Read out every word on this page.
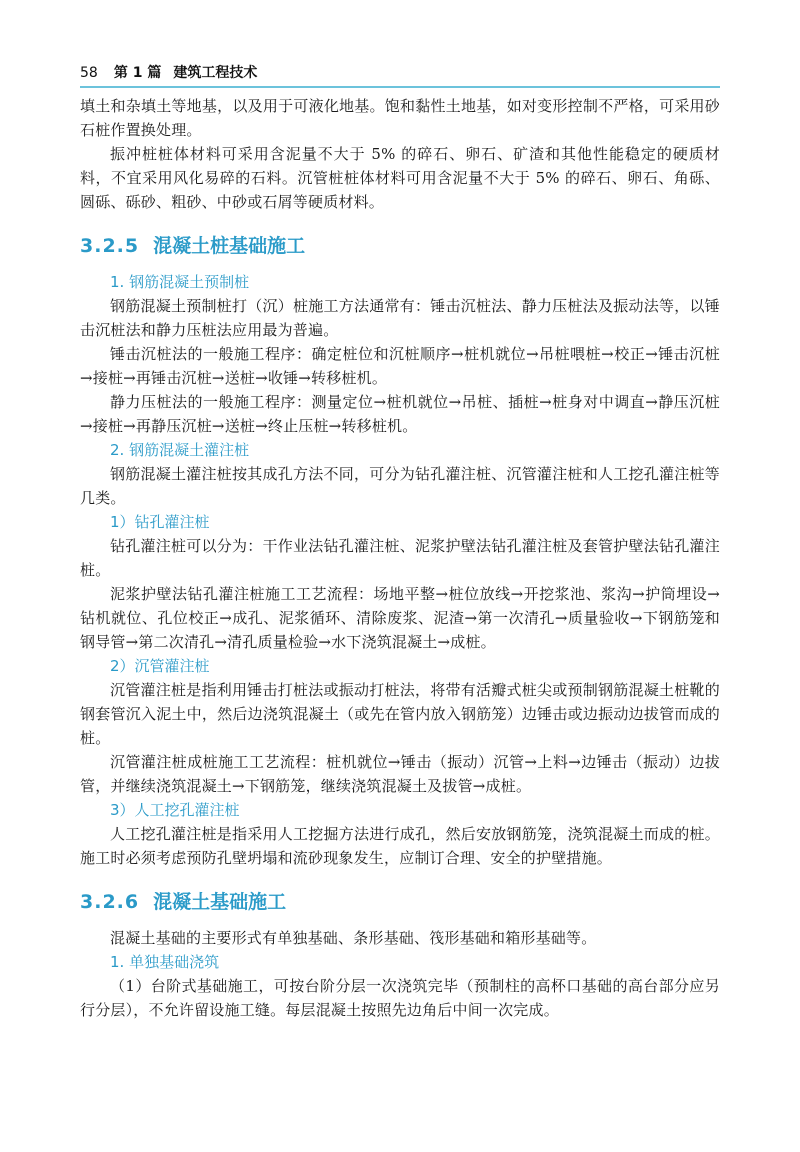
58 第 1 篇 建筑工程技术

填土和杂填土等地基，以及用于可液化地基。饱和黏性土地基，如对变形控制不严格，可采用砂石桩作置换处理。

振冲桩桩体材料可采用含泥量不大于 5% 的碎石、卵石、矿渣和其他性能稳定的硬质材料，不宜采用风化易碎的石料。沉管桩桩体材料可用含泥量不大于 5% 的碎石、卵石、角砾、圆砾、砾砂、粗砂、中砂或石屑等硬质材料。

3.2.5 混凝土桩基础施工

1. 钢筋混凝土预制桩

钢筋混凝土预制桩打（沉）桩施工方法通常有：锤击沉桩法、静力压桩法及振动法等，以锤击沉桩法和静力压桩法应用最为普遍。

锤击沉桩法的一般施工程序：确定桩位和沉桩顺序→桩机就位→吊桩喂桩→校正→锤击沉桩→接桩→再锤击沉桩→送桩→收锤→转移桩机。

静力压桩法的一般施工程序：测量定位→桩机就位→吊桩、插桩→桩身对中调直→静压沉桩→接桩→再静压沉桩→送桩→终止压桩→转移桩机。

2. 钢筋混凝土灌注桩

钢筋混凝土灌注桩按其成孔方法不同，可分为钻孔灌注桩、沉管灌注桩和人工挖孔灌注桩等几类。

1）钻孔灌注桩

钻孔灌注桩可以分为：干作业法钻孔灌注桩、泥浆护壁法钻孔灌注桩及套管护壁法钻孔灌注桩。

泥浆护壁法钻孔灌注桩施工工艺流程：场地平整→桩位放线→开挖浆池、浆沟→护筒埋设→钻机就位、孔位校正→成孔、泥浆循环、清除废浆、泥渣→第一次清孔→质量验收→下钢筋笼和钢导管→第二次清孔→清孔质量检验→水下浇筑混凝土→成桩。

2）沉管灌注桩

沉管灌注桩是指利用锤击打桩法或振动打桩法，将带有活瓣式桩尖或预制钢筋混凝土桩靴的钢套管沉入泥土中，然后边浇筑混凝土（或先在管内放入钢筋笼）边锤击或边振动边拔管而成的桩。

沉管灌注桩成桩施工工艺流程：桩机就位→锤击（振动）沉管→上料→边锤击（振动）边拔管，并继续浇筑混凝土→下钢筋笼，继续浇筑混凝土及拔管→成桩。

3）人工挖孔灌注桩

人工挖孔灌注桩是指采用人工挖掘方法进行成孔，然后安放钢筋笼，浇筑混凝土而成的桩。施工时必须考虑预防孔壁坍塌和流砂现象发生，应制订合理、安全的护壁措施。

3.2.6 混凝土基础施工

混凝土基础的主要形式有单独基础、条形基础、筏形基础和箱形基础等。

1. 单独基础浇筑

（1）台阶式基础施工，可按台阶分层一次浇筑完毕（预制柱的高杯口基础的高台部分应另行分层），不允许留设施工缝。每层混凝土按照先边角后中间一次完成。
